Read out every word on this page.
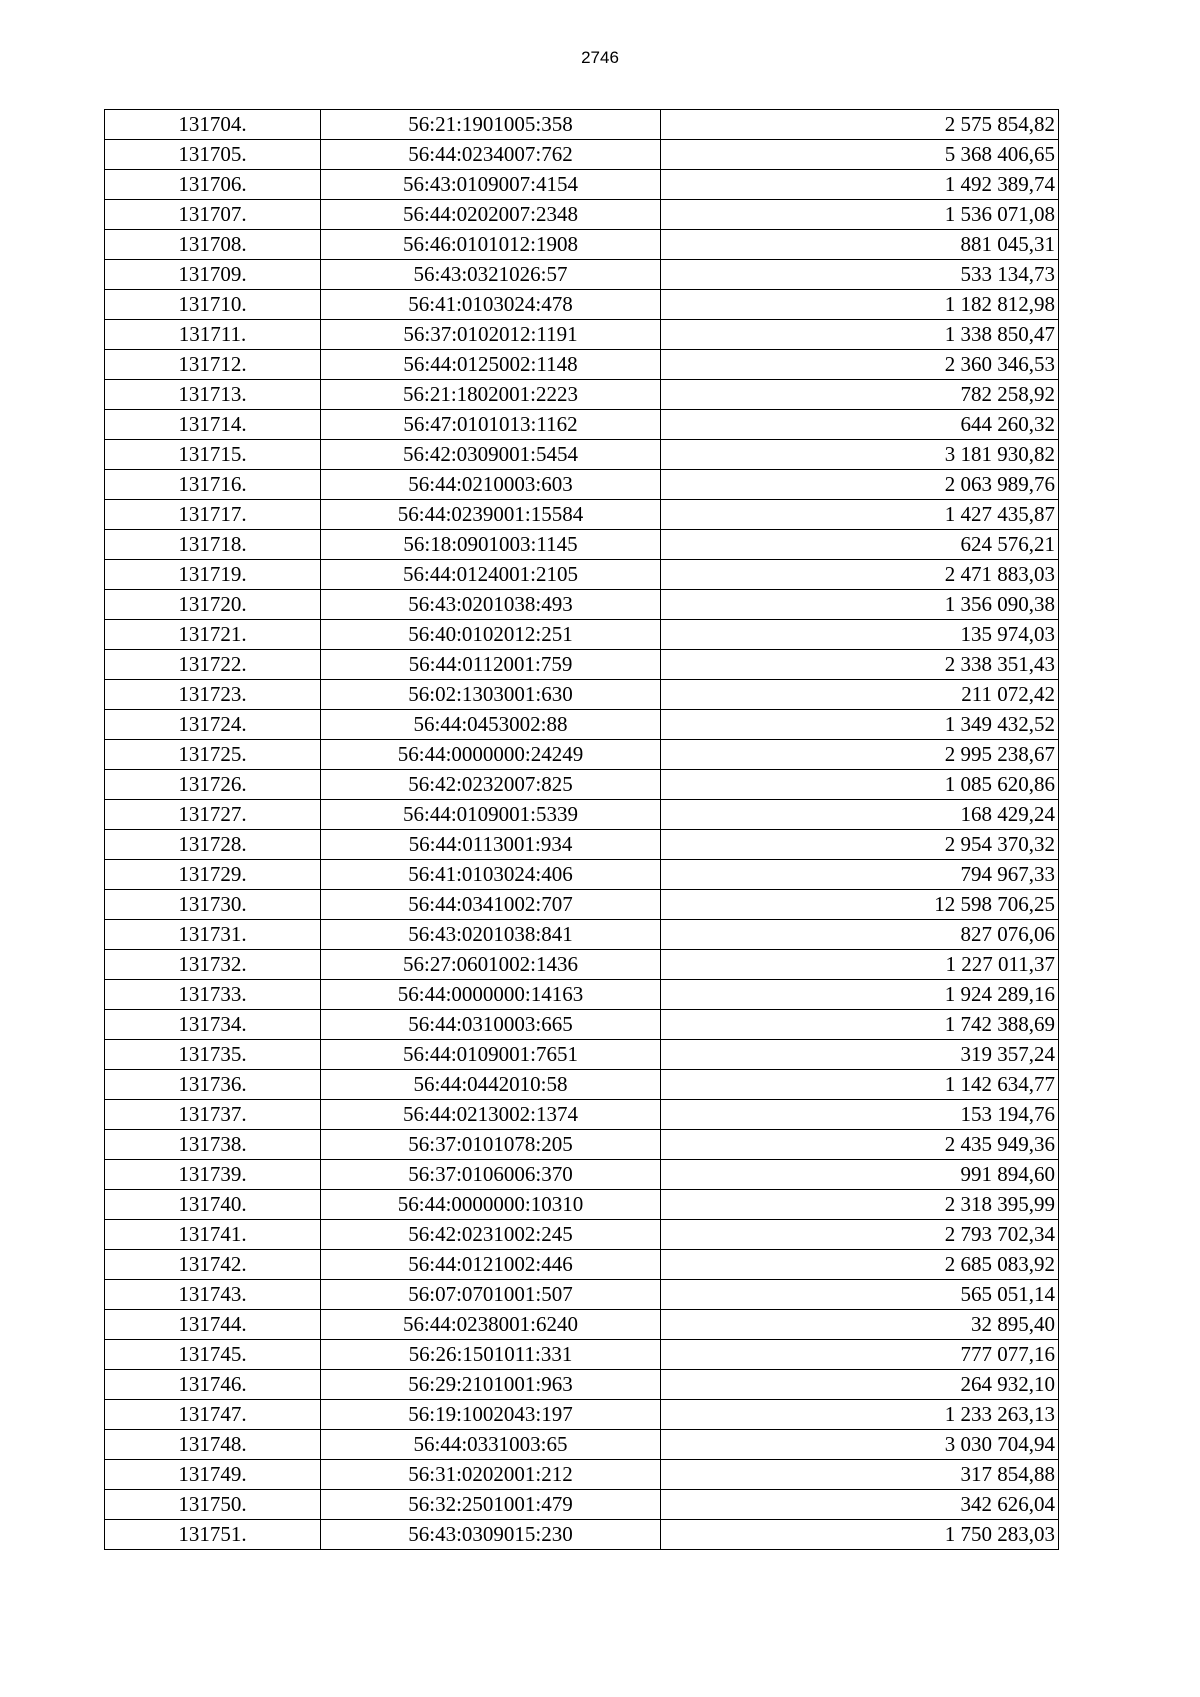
2746
131704.	56:21:1901005:358	2 575 854,82
131705.	56:44:0234007:762	5 368 406,65
131706.	56:43:0109007:4154	1 492 389,74
131707.	56:44:0202007:2348	1 536 071,08
131708.	56:46:0101012:1908	881 045,31
131709.	56:43:0321026:57	533 134,73
131710.	56:41:0103024:478	1 182 812,98
131711.	56:37:0102012:1191	1 338 850,47
131712.	56:44:0125002:1148	2 360 346,53
131713.	56:21:1802001:2223	782 258,92
131714.	56:47:0101013:1162	644 260,32
131715.	56:42:0309001:5454	3 181 930,82
131716.	56:44:0210003:603	2 063 989,76
131717.	56:44:0239001:15584	1 427 435,87
131718.	56:18:0901003:1145	624 576,21
131719.	56:44:0124001:2105	2 471 883,03
131720.	56:43:0201038:493	1 356 090,38
131721.	56:40:0102012:251	135 974,03
131722.	56:44:0112001:759	2 338 351,43
131723.	56:02:1303001:630	211 072,42
131724.	56:44:0453002:88	1 349 432,52
131725.	56:44:0000000:24249	2 995 238,67
131726.	56:42:0232007:825	1 085 620,86
131727.	56:44:0109001:5339	168 429,24
131728.	56:44:0113001:934	2 954 370,32
131729.	56:41:0103024:406	794 967,33
131730.	56:44:0341002:707	12 598 706,25
131731.	56:43:0201038:841	827 076,06
131732.	56:27:0601002:1436	1 227 011,37
131733.	56:44:0000000:14163	1 924 289,16
131734.	56:44:0310003:665	1 742 388,69
131735.	56:44:0109001:7651	319 357,24
131736.	56:44:0442010:58	1 142 634,77
131737.	56:44:0213002:1374	153 194,76
131738.	56:37:0101078:205	2 435 949,36
131739.	56:37:0106006:370	991 894,60
131740.	56:44:0000000:10310	2 318 395,99
131741.	56:42:0231002:245	2 793 702,34
131742.	56:44:0121002:446	2 685 083,92
131743.	56:07:0701001:507	565 051,14
131744.	56:44:0238001:6240	32 895,40
131745.	56:26:1501011:331	777 077,16
131746.	56:29:2101001:963	264 932,10
131747.	56:19:1002043:197	1 233 263,13
131748.	56:44:0331003:65	3 030 704,94
131749.	56:31:0202001:212	317 854,88
131750.	56:32:2501001:479	342 626,04
131751.	56:43:0309015:230	1 750 283,03
